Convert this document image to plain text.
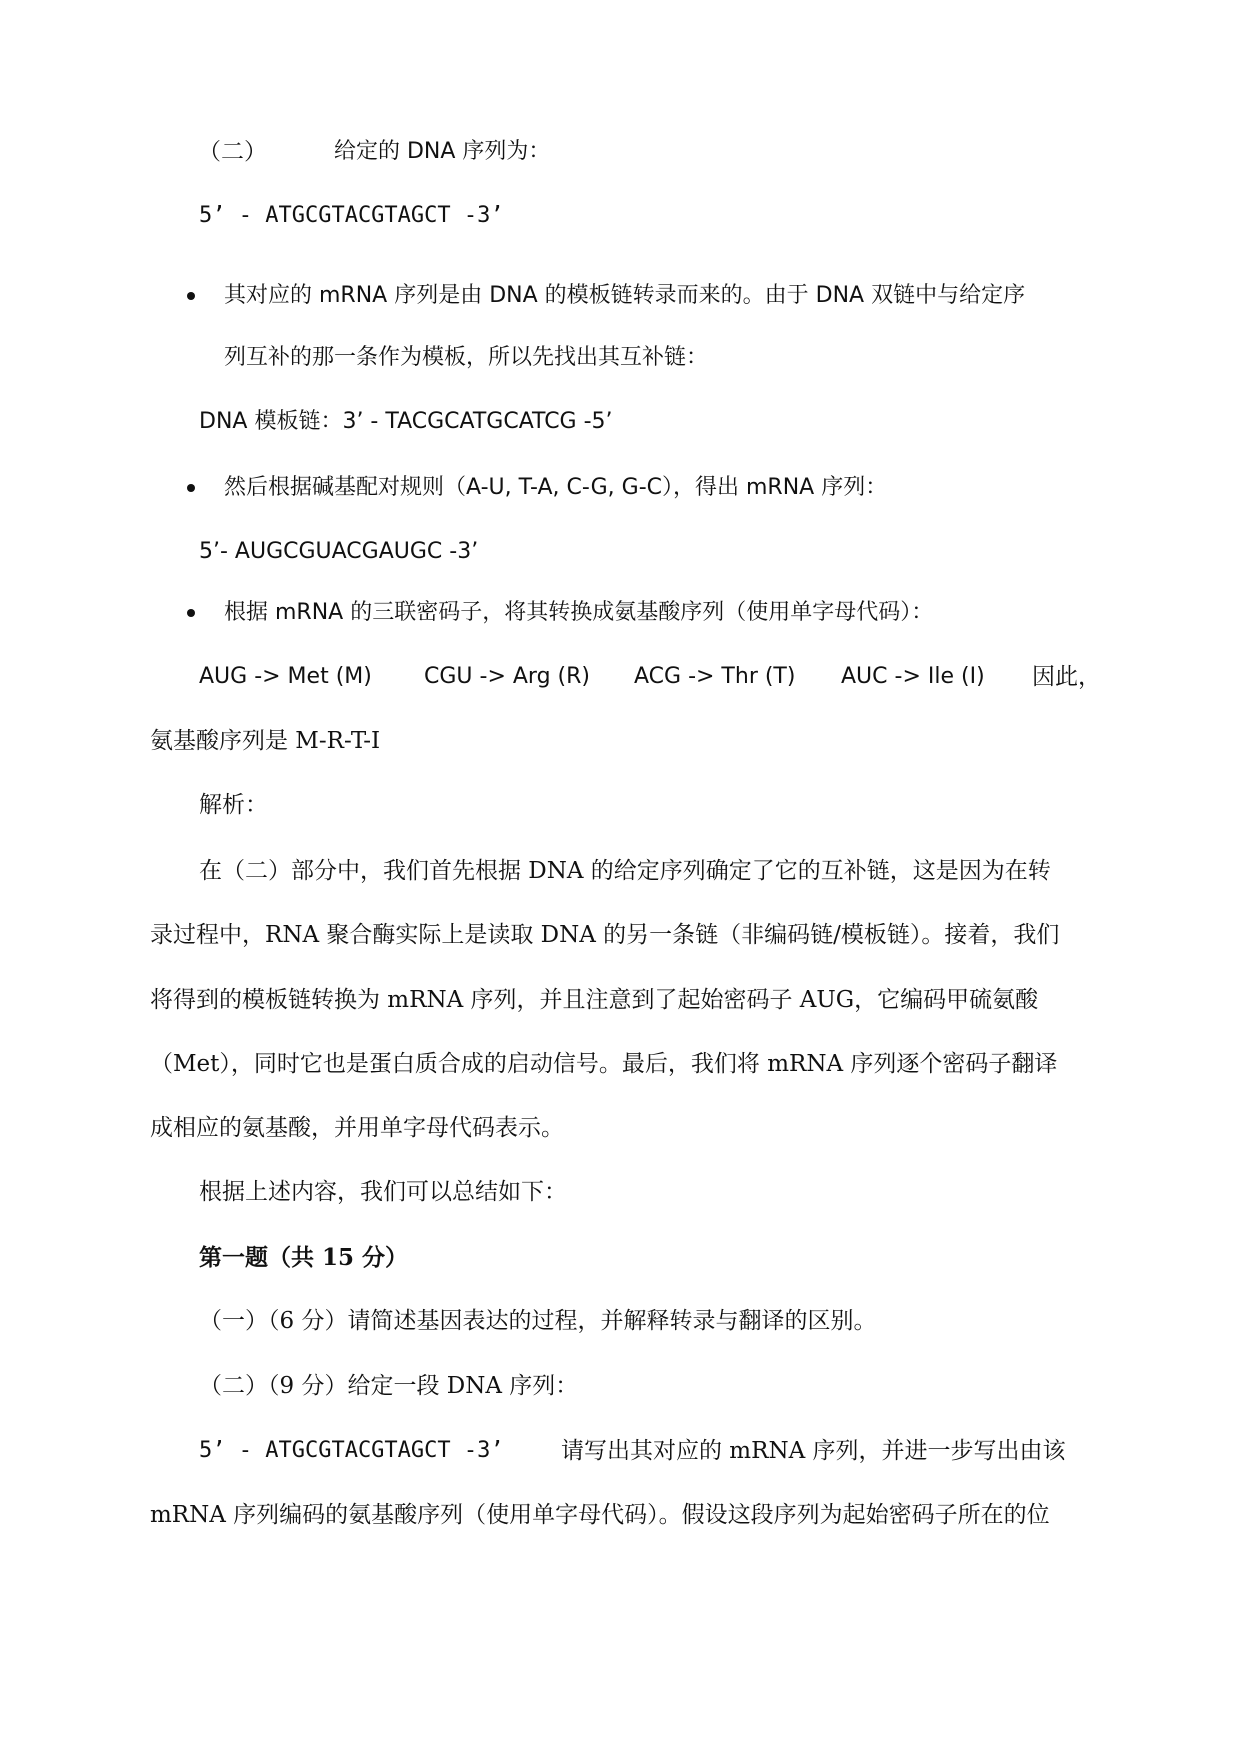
（二）	给定的 DNA 序列为：
5’ - ATGCGTACGTAGCT -3’
其对应的 mRNA 序列是由 DNA 的模板链转录而来的。由于 DNA 双链中与给定序
列互补的那一条作为模板，所以先找出其互补链：
DNA 模板链：3’ - TACGCATGCATCG -5’
然后根据碱基配对规则（A-U, T-A, C-G, G-C），得出 mRNA 序列：
5’- AUGCGUACGAUGC -3’
根据 mRNA 的三联密码子，将其转换成氨基酸序列（使用单字母代码）：
AUG -> Met (M) CGU -> Arg (R) ACG -> Thr (T) AUC -> Ile (I) 因此，
氨基酸序列是 M-R-T-I
解析：
在（二）部分中，我们首先根据 DNA 的给定序列确定了它的互补链，这是因为在转
录过程中，RNA 聚合酶实际上是读取 DNA 的另一条链（非编码链/模板链）。接着，我们
将得到的模板链转换为 mRNA 序列，并且注意到了起始密码子 AUG，它编码甲硫氨酸
（Met），同时它也是蛋白质合成的启动信号。最后，我们将 mRNA 序列逐个密码子翻译
成相应的氨基酸，并用单字母代码表示。
根据上述内容，我们可以总结如下：
第一题（共 15 分）
（一）（6 分）请简述基因表达的过程，并解释转录与翻译的区别。
（二）（9 分）给定一段 DNA 序列：
5’ - ATGCGTACGTAGCT -3’ 请写出其对应的 mRNA 序列，并进一步写出由该
mRNA 序列编码的氨基酸序列（使用单字母代码）。假设这段序列为起始密码子所在的位
